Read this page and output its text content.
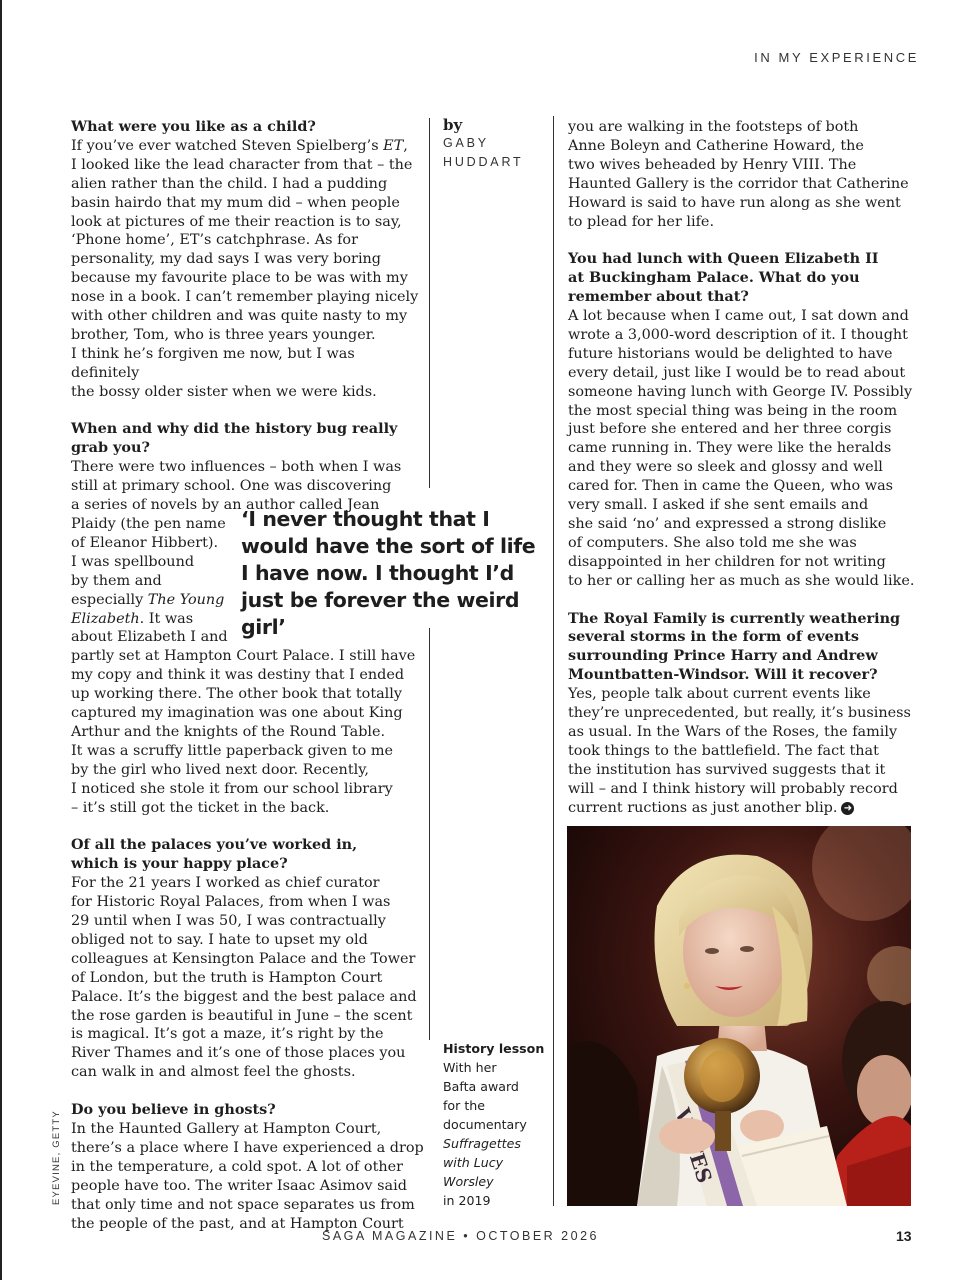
IN MY EXPERIENCE

What were you like as a child?

If you’ve ever watched Steven Spielberg’s ET,

I looked like the lead character from that – the

alien rather than the child. I had a pudding

basin hairdo that my mum did – when people

look at pictures of me their reaction is to say,

‘Phone home’, ET’s catchphrase. As for

personality, my dad says I was very boring

because my favourite place to be was with my

nose in a book. I can’t remember playing nicely

with other children and was quite nasty to my

brother, Tom, who is three years younger.

I think he’s forgiven me now, but I was definitely

the bossy older sister when we were kids.

When and why did the history bug really

grab you?

There were two influences – both when I was

still at primary school. One was discovering

a series of novels by an author called Jean

Plaidy (the pen name

of Eleanor Hibbert).

I was spellbound

by them and

especially The Young

Elizabeth. It was

about Elizabeth I and

partly set at Hampton Court Palace. I still have

my copy and think it was destiny that I ended

up working there. The other book that totally

captured my imagination was one about King

Arthur and the knights of the Round Table.

It was a scruffy little paperback given to me

by the girl who lived next door. Recently,

I noticed she stole it from our school library

– it’s still got the ticket in the back.

Of all the palaces you’ve worked in,

which is your happy place?

For the 21 years I worked as chief curator

for Historic Royal Palaces, from when I was

29 until when I was 50, I was contractually

obliged not to say. I hate to upset my old

colleagues at Kensington Palace and the Tower

of London, but the truth is Hampton Court

Palace. It’s the biggest and the best palace and

the rose garden is beautiful in June – the scent

is magical. It’s got a maze, it’s right by the

River Thames and it’s one of those places you

can walk in and almost feel the ghosts.

Do you believe in ghosts?

In the Haunted Gallery at Hampton Court,

there’s a place where I have experienced a drop

in the temperature, a cold spot. A lot of other

people have too. The writer Isaac Asimov said

that only time and not space separates us from

the people of the past, and at Hampton Court

by
GABY
HUDDART
‘I never thought that I would have the sort of life I have now. I thought I’d just be forever the weird girl’
History lesson
With her
Bafta award
for the
documentary
Suffragettes
with Lucy
Worsley
in 2019

you are walking in the footsteps of both

Anne Boleyn and Catherine Howard, the

two wives beheaded by Henry VIII. The

Haunted Gallery is the corridor that Catherine

Howard is said to have run along as she went

to plead for her life.

You had lunch with Queen Elizabeth II

at Buckingham Palace. What do you

remember about that?

A lot because when I came out, I sat down and

wrote a 3,000-word description of it. I thought

future historians would be delighted to have

every detail, just like I would be to read about

someone having lunch with George IV. Possibly

the most special thing was being in the room

just before she entered and her three corgis

came running in. They were like the heralds

and they were so sleek and glossy and well

cared for. Then in came the Queen, who was

very small. I asked if she sent emails and

she said ‘no’ and expressed a strong dislike

of computers. She also told me she was

disappointed in her children for not writing

to her or calling her as much as she would like.

The Royal Family is currently weathering

several storms in the form of events

surrounding Prince Harry and Andrew

Mountbatten-Windsor. Will it recover?

Yes, people talk about current events like

they’re unprecedented, but really, it’s business

as usual. In the Wars of the Roses, the family

took things to the battlefield. The fact that

the institution has survived suggests that it

will – and I think history will probably record

current ructions as just another blip. ➜

EYEVINE, GETTY
SAGA MAGAZINE • OCTOBER 2026	13
